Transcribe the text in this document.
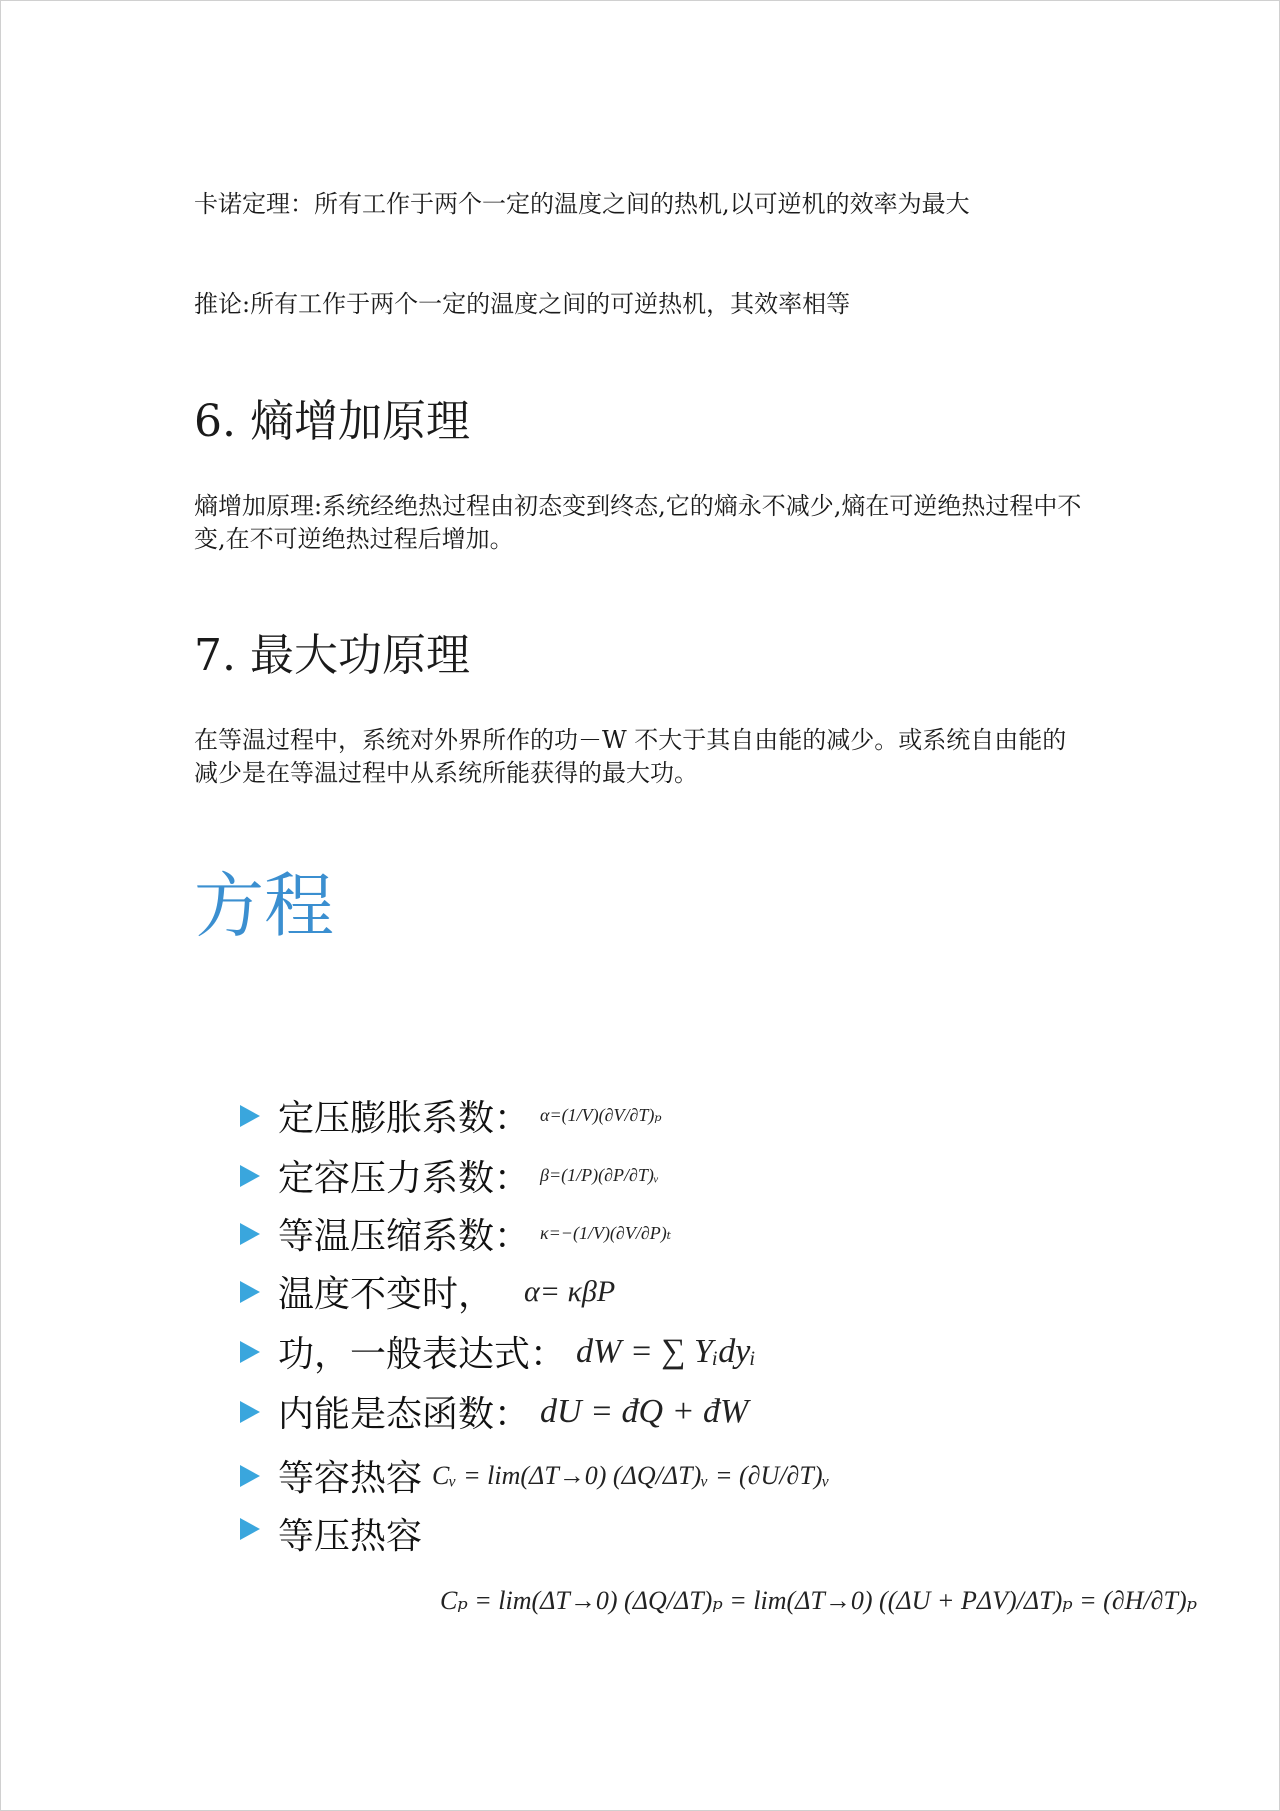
卡诺定理：所有工作于两个一定的温度之间的热机,以可逆机的效率为最大

推论:所有工作于两个一定的温度之间的可逆热机，其效率相等

6. 熵增加原理

熵增加原理:系统经绝热过程由初态变到终态,它的熵永不减少,熵在可逆绝热过程中不变,在不可逆绝热过程后增加。

7. 最大功原理

在等温过程中，系统对外界所作的功－W 不大于其自由能的减少。或系统自由能的减少是在等温过程中从系统所能获得的最大功。

方程
定压膨胀系数： α=(1/V)(∂V/∂T)ₚ
定容压力系数： β=(1/P)(∂P/∂T)ᵥ
等温压缩系数： κ=−(1/V)(∂V/∂P)ₜ
温度不变时， α= κβP
功，一般表达式： dW = ∑ Yᵢdyᵢ
内能是态函数： dU = đQ + đW
等容热容 Cᵥ = lim(ΔT→0) (ΔQ/ΔT)ᵥ = (∂U/∂T)ᵥ
等压热容
Cₚ = lim(ΔT→0) (ΔQ/ΔT)ₚ = lim(ΔT→0) ((ΔU + PΔV)/ΔT)ₚ = (∂H/∂T)ₚ
